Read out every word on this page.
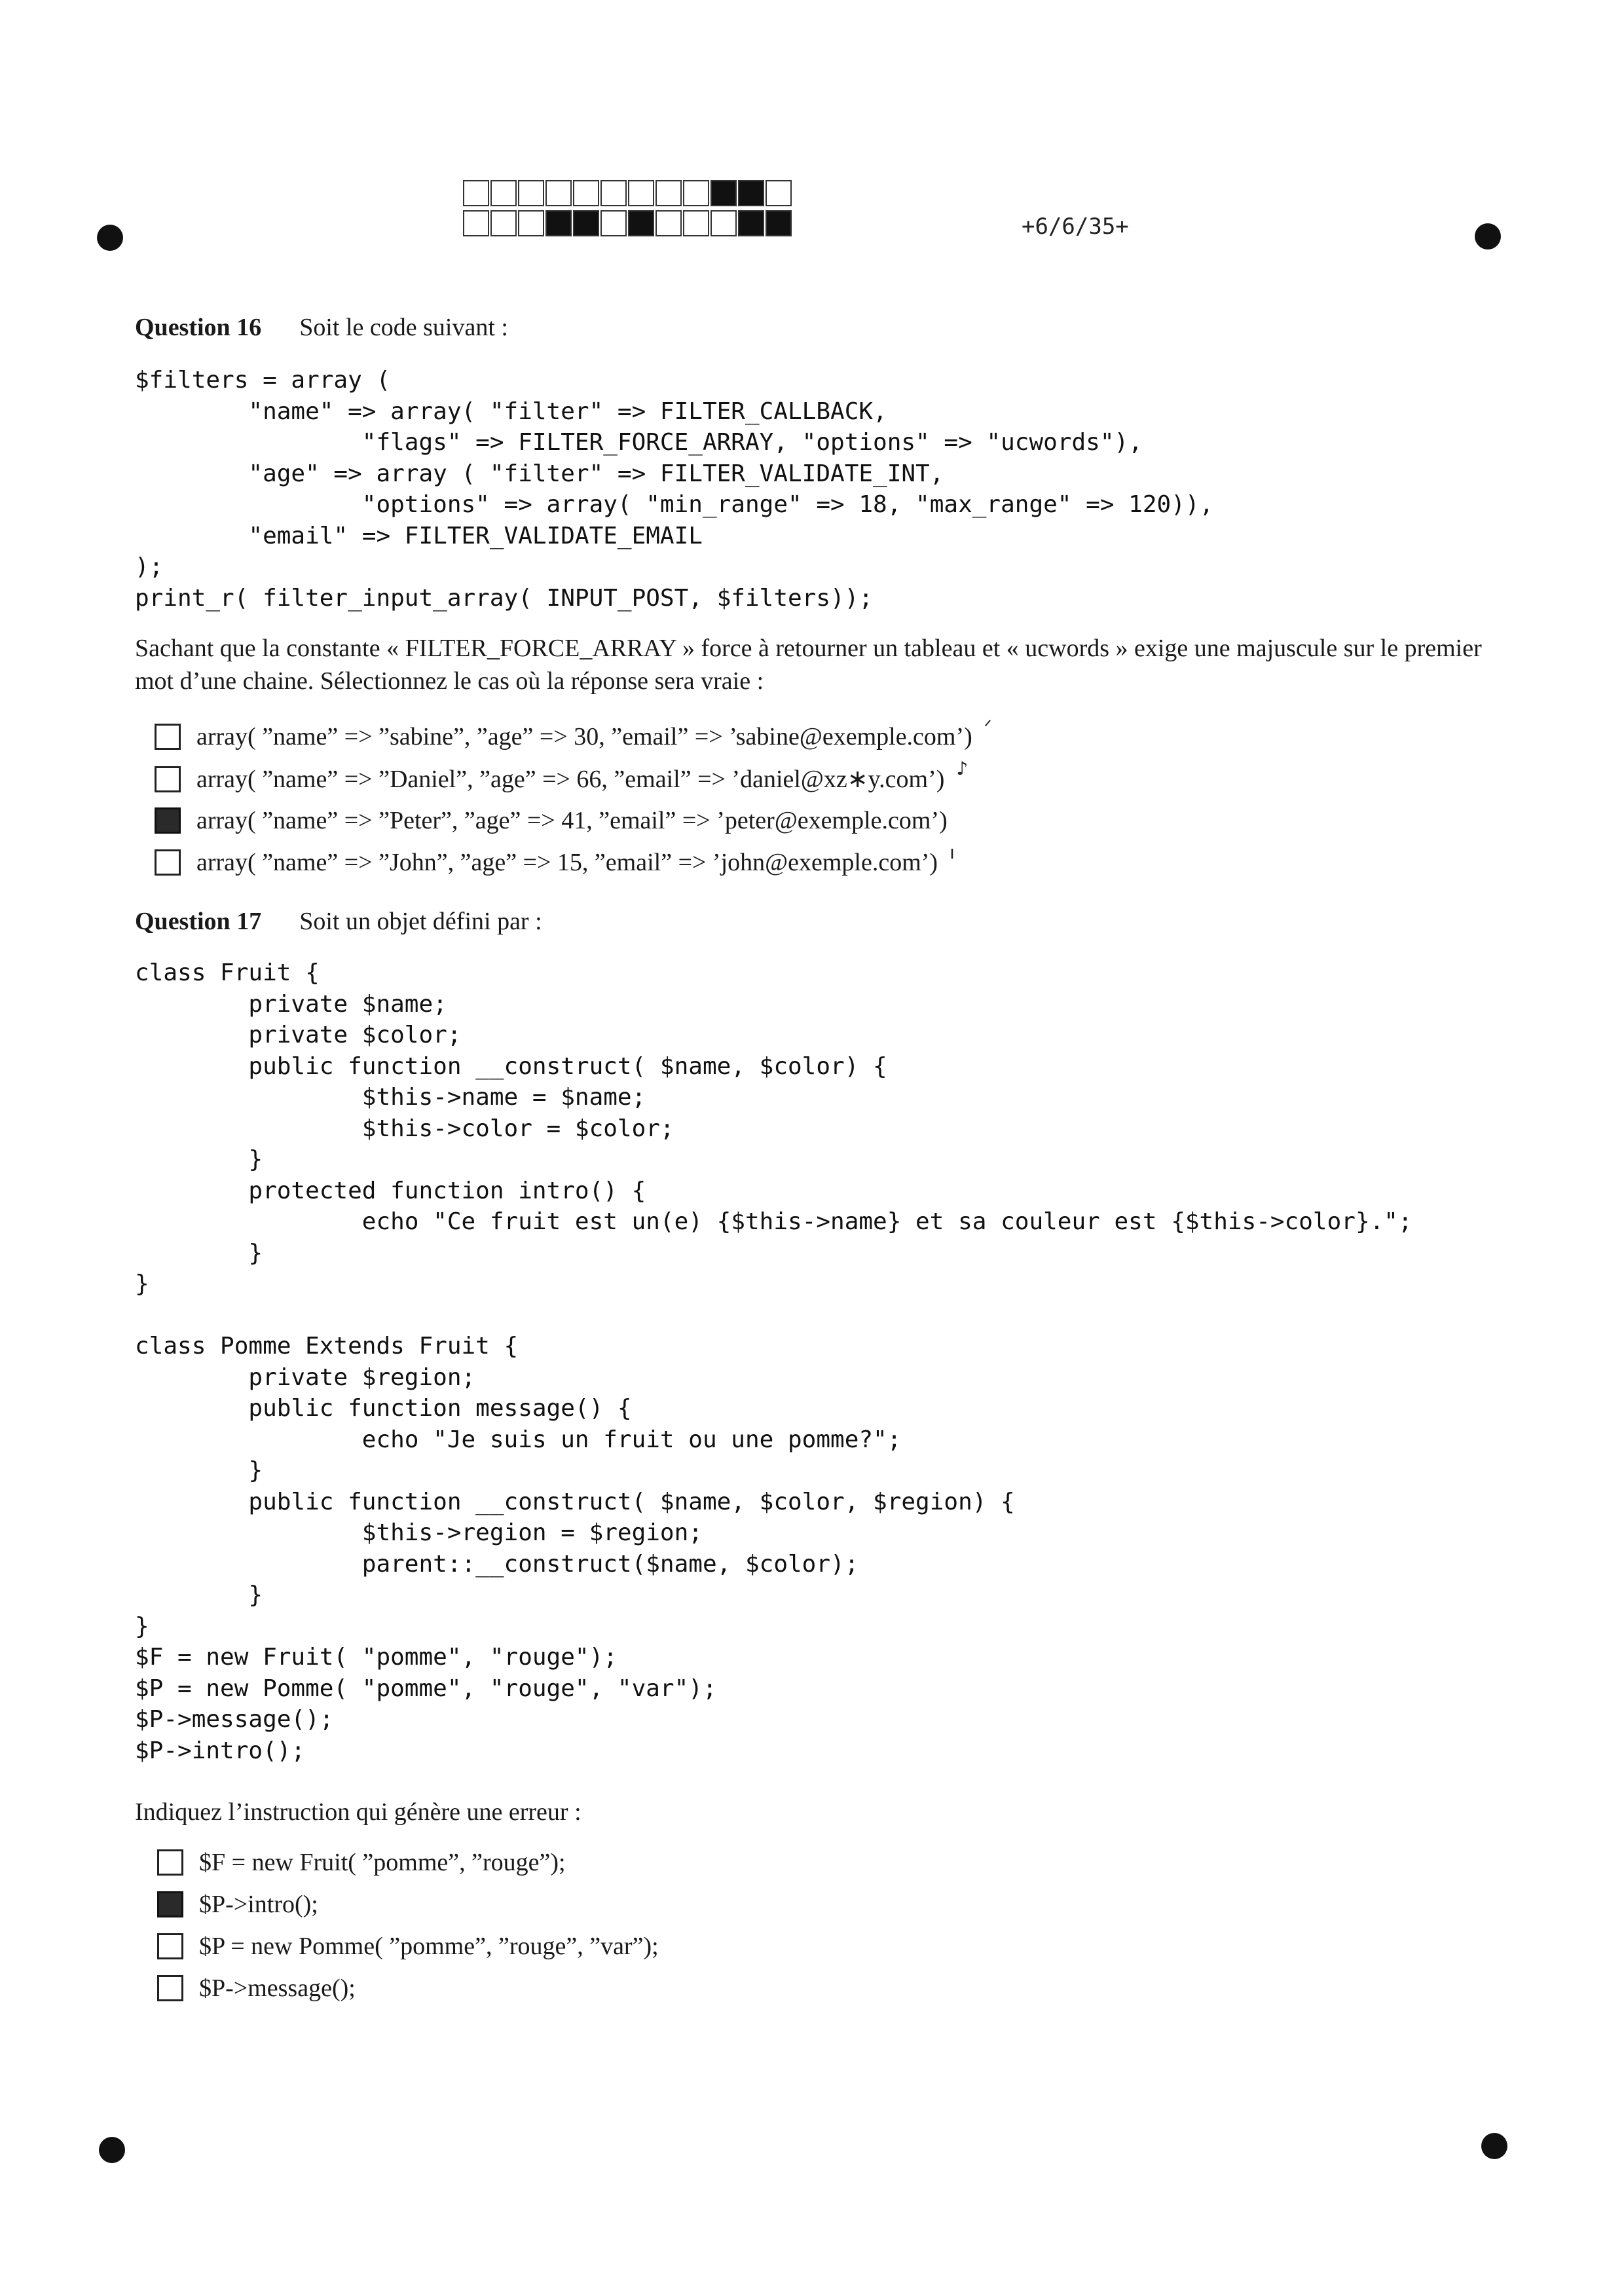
+6/6/35+
Question 16 Soit le code suivant :
$filters = array (
"name" => array( "filter" => FILTER_CALLBACK,
"flags" => FILTER_FORCE_ARRAY, "options" => "ucwords"),
"age" => array ( "filter" => FILTER_VALIDATE_INT,
"options" => array( "min_range" => 18, "max_range" => 120)),
"email" => FILTER_VALIDATE_EMAIL
);
print_r( filter_input_array( INPUT_POST, $filters));
Sachant que la constante « FILTER_FORCE_ARRAY » force à retourner un tableau et « ucwords » exige une majuscule sur le premier mot d’une chaine. Sélectionnez le cas où la réponse sera vraie :
array( ”name” => ”sabine”, ”age” => 30, ”email” => ’sabine@exemple.com’) ᐟ
array( ”name” => ”Daniel”, ”age” => 66, ”email” => ’daniel@xz∗y.com’) ♪
array( ”name” => ”Peter”, ”age” => 41, ”email” => ’peter@exemple.com’)
array( ”name” => ”John”, ”age” => 15, ”email” => ’john@exemple.com’) ı
Question 17 Soit un objet défini par :
class Fruit {
private $name;
private $color;
public function __construct( $name, $color) {
$this->name = $name;
$this->color = $color;
}
protected function intro() {
echo "Ce fruit est un(e) {$this->name} et sa couleur est {$this->color}.";
}
}

class Pomme Extends Fruit {
private $region;
public function message() {
echo "Je suis un fruit ou une pomme?";
}
public function __construct( $name, $color, $region) {
$this->region = $region;
parent::__construct($name, $color);
}
}
$F = new Fruit( "pomme", "rouge");
$P = new Pomme( "pomme", "rouge", "var");
$P->message();
$P->intro();
Indiquez l’instruction qui génère une erreur :
$F = new Fruit( ”pomme”, ”rouge”);
$P->intro();
$P = new Pomme( ”pomme”, ”rouge”, ”var”);
$P->message();
